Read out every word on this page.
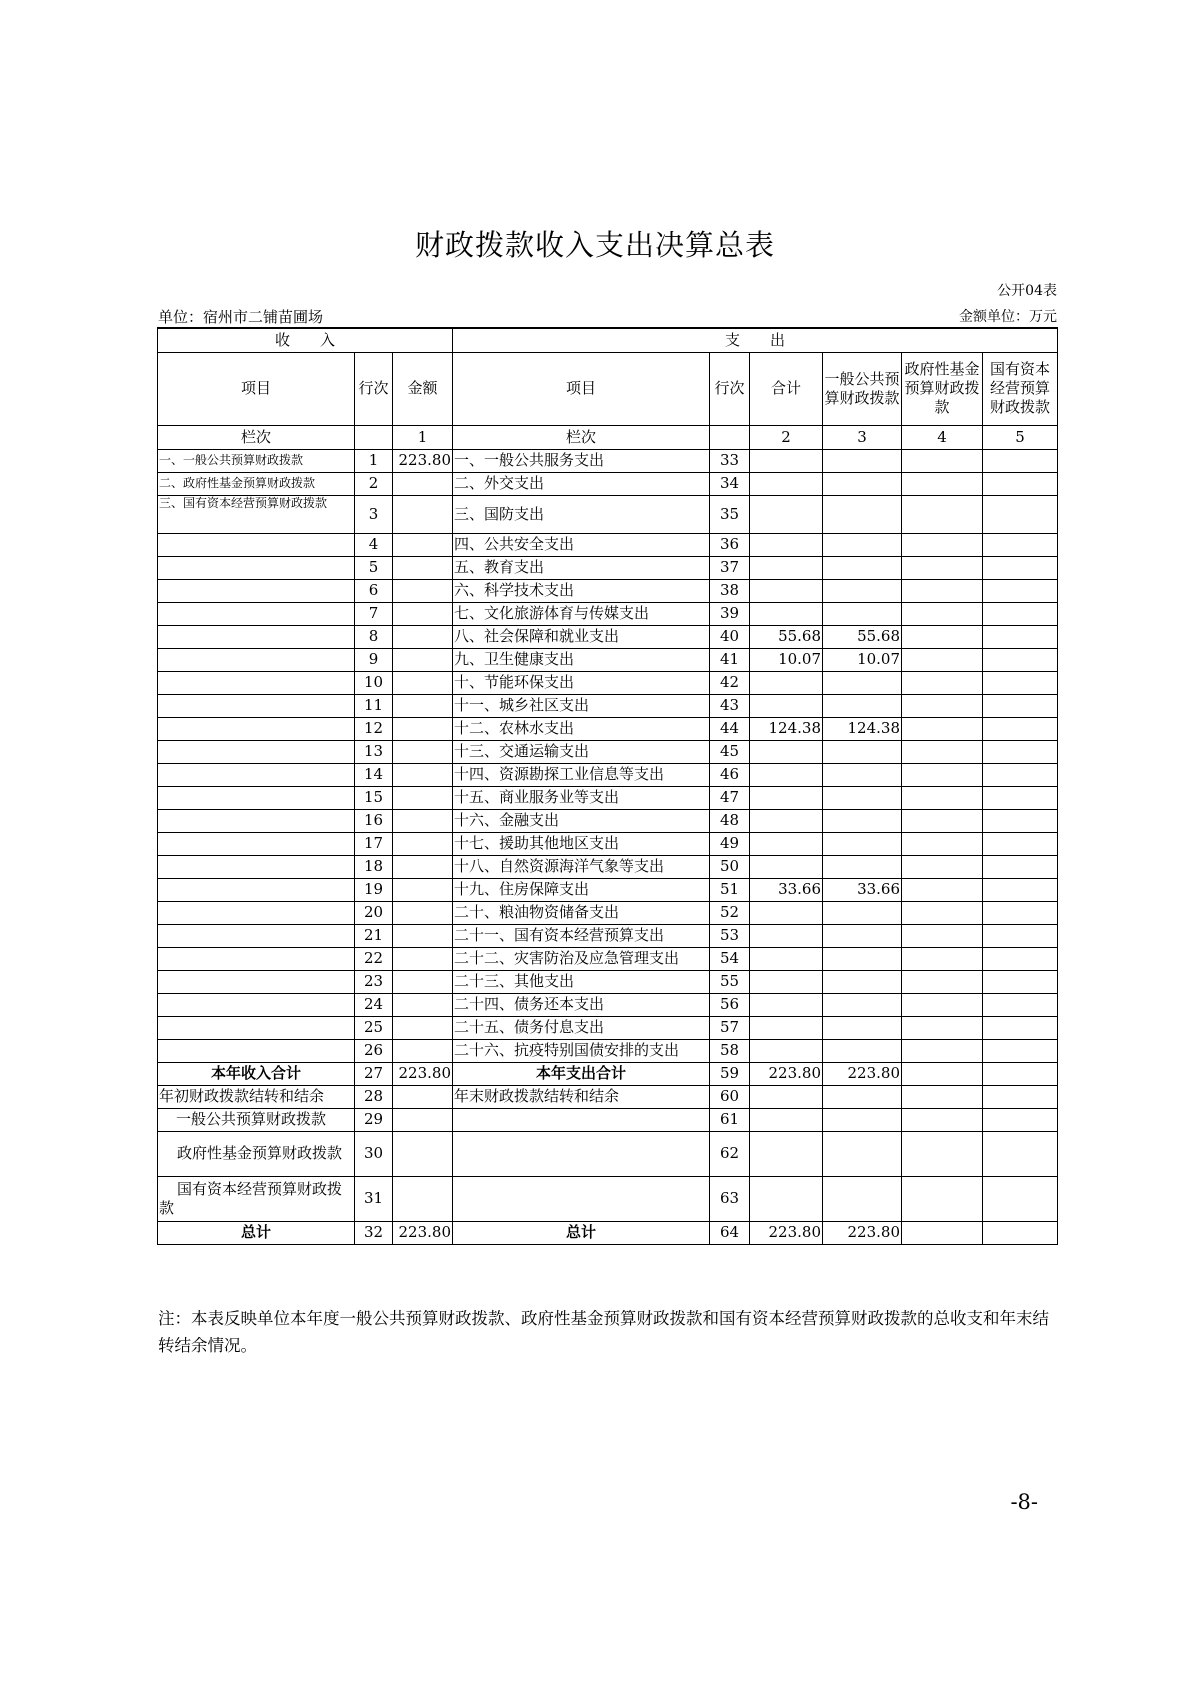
财政拨款收入支出决算总表
公开04表
单位：宿州市二铺苗圃场	金额单位：万元
收　　入			支　　出					
项目	行次	金额	项目	行次	合计	一般公共预算财政拨款	政府性基金预算财政拨款	国有资本经营预算财政拨款
栏次		1	栏次		2	3	4	5
一、一般公共预算财政拨款	1	223.80	一、一般公共服务支出	33				
二、政府性基金预算财政拨款	2		二、外交支出	34				
三、国有资本经营预算财政拨款	3		三、国防支出	35				
	4		四、公共安全支出	36				
	5		五、教育支出	37				
	6		六、科学技术支出	38				
	7		七、文化旅游体育与传媒支出	39				
	8		八、社会保障和就业支出	40	55.68	55.68		
	9		九、卫生健康支出	41	10.07	10.07		
	10		十、节能环保支出	42				
	11		十一、城乡社区支出	43				
	12		十二、农林水支出	44	124.38	124.38		
	13		十三、交通运输支出	45				
	14		十四、资源勘探工业信息等支出	46				
	15		十五、商业服务业等支出	47				
	16		十六、金融支出	48				
	17		十七、援助其他地区支出	49				
	18		十八、自然资源海洋气象等支出	50				
	19		十九、住房保障支出	51	33.66	33.66		
	20		二十、粮油物资储备支出	52				
	21		二十一、国有资本经营预算支出	53				
	22		二十二、灾害防治及应急管理支出	54				
	23		二十三、其他支出	55				
	24		二十四、债务还本支出	56				
	25		二十五、债务付息支出	57				
	26		二十六、抗疫特别国债安排的支出	58				
本年收入合计	27	223.80	本年支出合计	59	223.80	223.80		
年初财政拨款结转和结余	28		年末财政拨款结转和结余	60				
一般公共预算财政拨款	29			61				
政府性基金预算财政拨款	30			62				
国有资本经营预算财政拨款	31			63				
总计	32	223.80	总计	64	223.80	223.80		
注：本表反映单位本年度一般公共预算财政拨款、政府性基金预算财政拨款和国有资本经营预算财政拨款的总收支和年末结转结余情况。
-8-
